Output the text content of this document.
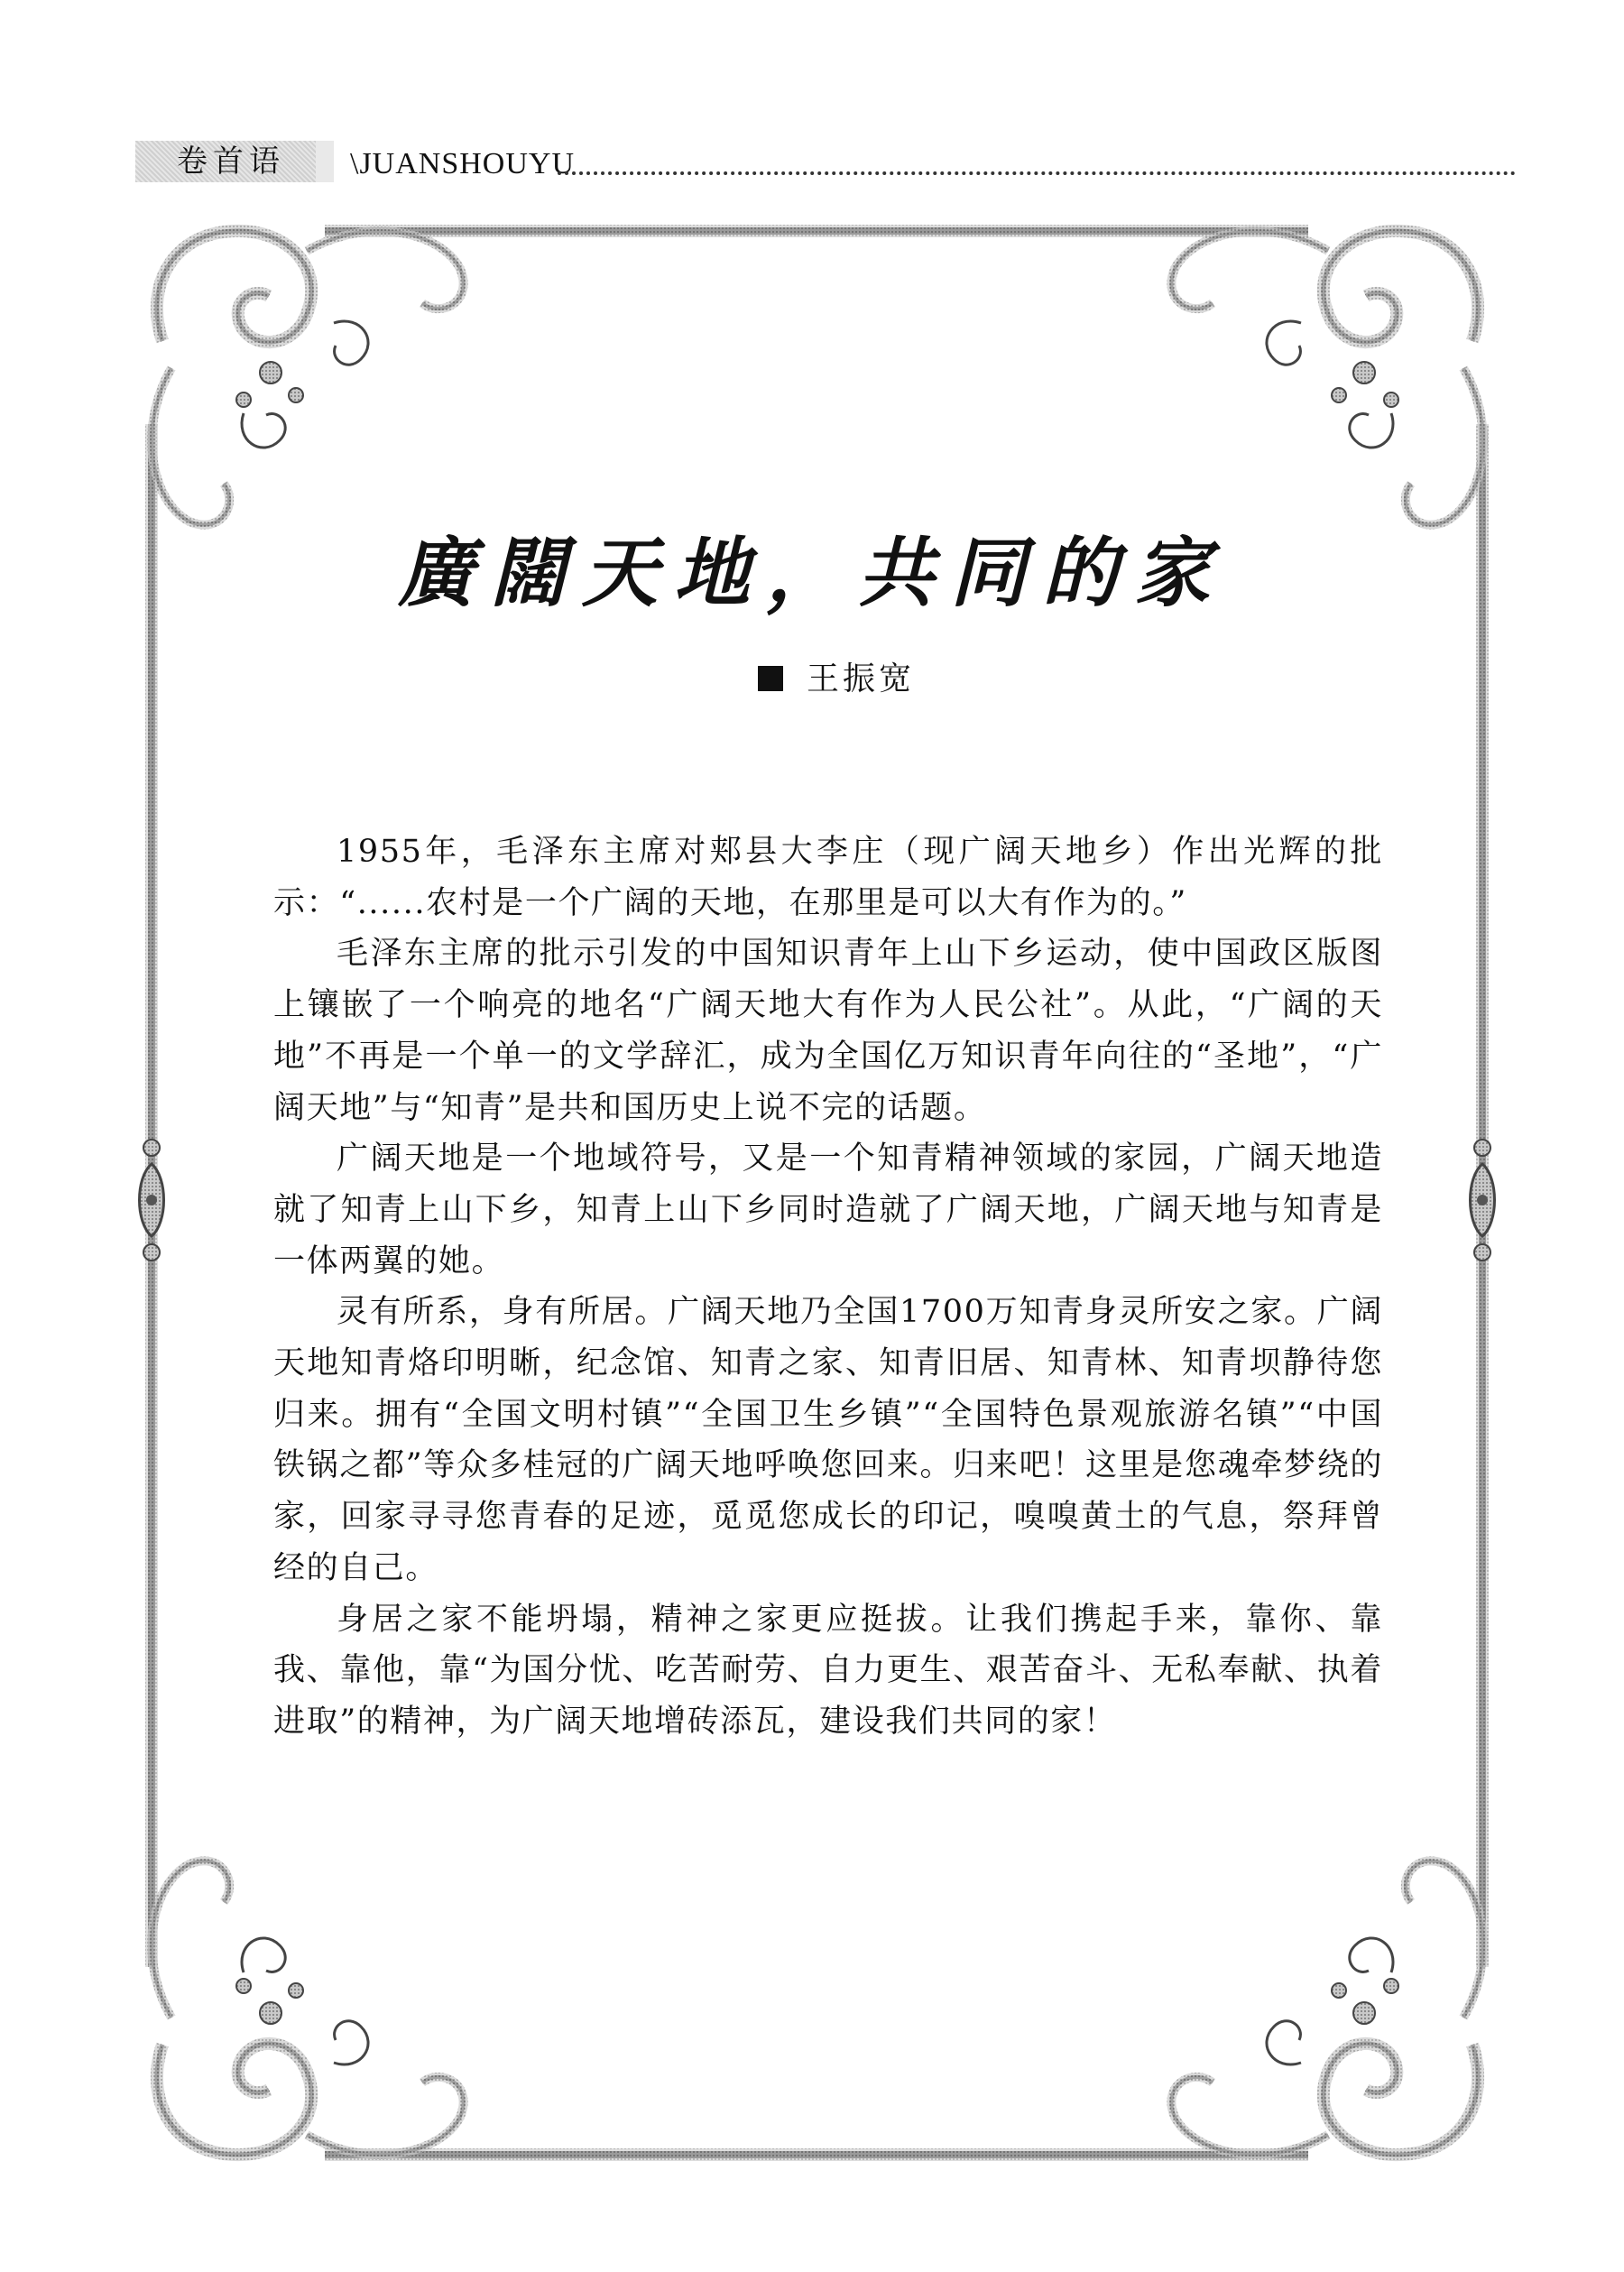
卷首语	\JUANSHOUYU
廣闊天地，共同的家
王振宽

1955年，毛泽东主席对郏县大李庄（现广阔天地乡）作出光辉的批示：“......农村是一个广阔的天地，在那里是可以大有作为的。”

毛泽东主席的批示引发的中国知识青年上山下乡运动，使中国政区版图上镶嵌了一个响亮的地名“广阔天地大有作为人民公社”。从此，“广阔的天地”不再是一个单一的文学辞汇，成为全国亿万知识青年向往的“圣地”，“广阔天地”与“知青”是共和国历史上说不完的话题。

广阔天地是一个地域符号，又是一个知青精神领域的家园，广阔天地造就了知青上山下乡，知青上山下乡同时造就了广阔天地，广阔天地与知青是一体两翼的她。

灵有所系，身有所居。广阔天地乃全国1700万知青身灵所安之家。广阔天地知青烙印明晰，纪念馆、知青之家、知青旧居、知青林、知青坝静待您归来。拥有“全国文明村镇”“全国卫生乡镇”“全国特色景观旅游名镇”“中国铁锅之都”等众多桂冠的广阔天地呼唤您回来。归来吧！这里是您魂牵梦绕的家，回家寻寻您青春的足迹，觅觅您成长的印记，嗅嗅黄土的气息，祭拜曾经的自己。

身居之家不能坍塌，精神之家更应挺拔。让我们携起手来，靠你、靠我、靠他，靠“为国分忧、吃苦耐劳、自力更生、艰苦奋斗、无私奉献、执着进取”的精神，为广阔天地增砖添瓦，建设我们共同的家！
